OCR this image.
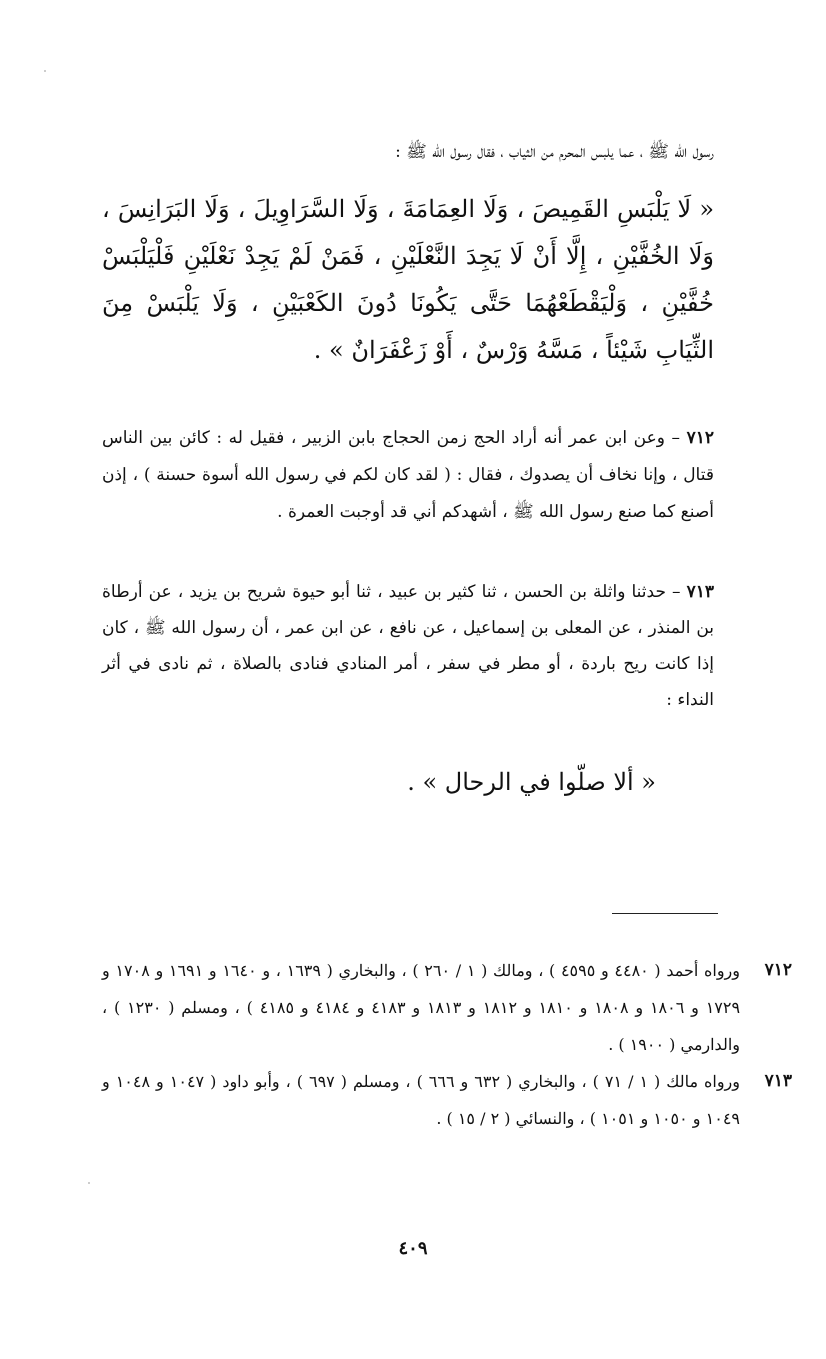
رسول الله ﷺ ، عما يلبس المحرم من الثياب ، فقال رسول الله ﷺ :

« لَا يَلْبَسِ القَمِيصَ ، وَلَا العِمَامَةَ ، وَلَا السَّرَاوِيلَ ، وَلَا البَرَانِسَ ، وَلَا الخُفَّيْنِ ، إِلَّا أَنْ لَا يَجِدَ النَّعْلَيْنِ ، فَمَنْ لَمْ يَجِدْ نَعْلَيْنِ فَلْيَلْبَسْ خُفَّيْنِ ، وَلْيَقْطَعْهُمَا حَتَّى يَكُونَا دُونَ الكَعْبَيْنِ ، وَلَا يَلْبَسْ مِنَ الثِّيَابِ شَيْئاً ، مَسَّهُ وَرْسٌ ، أَوْ زَعْفَرَانٌ » .

٧١٢ – وعن ابن عمر أنه أراد الحج زمن الحجاج بابن الزبير ، فقيل له : كائن بين الناس قتال ، وإنا نخاف أن يصدوك ، فقال : ( لقد كان لكم في رسول الله أسوة حسنة ) ، إذن أصنع كما صنع رسول الله ﷺ ، أشهدكم أني قد أوجبت العمرة .

٧١٣ – حدثنا واثلة بن الحسن ، ثنا كثير بن عبيد ، ثنا أبو حيوة شريح بن يزيد ، عن أرطاة بن المنذر ، عن المعلى بن إسماعيل ، عن نافع ، عن ابن عمر ، أن رسول الله ﷺ ، كان إذا كانت ريح باردة ، أو مطر في سفر ، أمر المنادي فنادى بالصلاة ، ثم نادى في أثر النداء :

« ألا صلّوا في الرحال » .

٧١٢
ورواه أحمد ( ٤٤٨٠ و ٤٥٩٥ ) ، ومالك ( ١ / ٢٦٠ ) ، والبخاري ( ١٦٣٩ ، و ١٦٤٠ و ١٦٩١ و ١٧٠٨ و ١٧٢٩ و ١٨٠٦ و ١٨٠٨ و ١٨١٠ و ١٨١٢ و ١٨١٣ و ٤١٨٣ و ٤١٨٤ و ٤١٨٥ ) ، ومسلم ( ١٢٣٠ ) ، والدارمي ( ١٩٠٠ ) .
٧١٣
ورواه مالك ( ١ / ٧١ ) ، والبخاري ( ٦٣٢ و ٦٦٦ ) ، ومسلم ( ٦٩٧ ) ، وأبو داود ( ١٠٤٧ و ١٠٤٨ و ١٠٤٩ و ١٠٥٠ و ١٠٥١ ) ، والنسائي ( ٢ / ١٥ ) .
٤٠٩
